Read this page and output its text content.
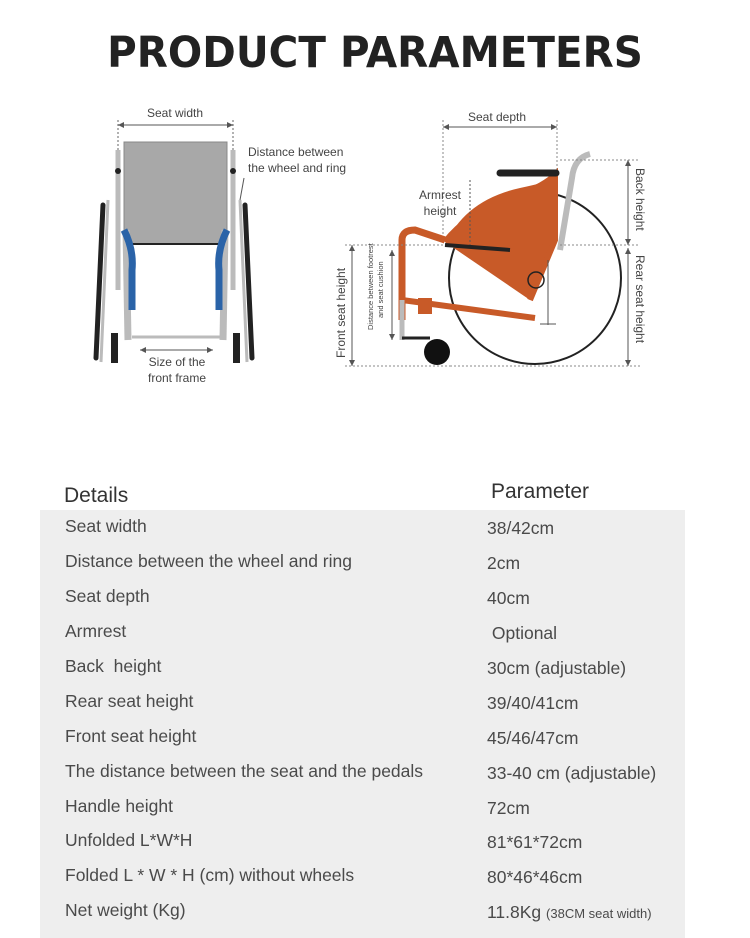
PRODUCT PARAMETERS
Seat width
Size of the
front frame
Distance between
the wheel and ring
Seat depth
Back height
Rear seat height
Front seat height Distance between footrest and seat cushion
Armrest
height
Details	Parameter
Seat width	38/42cm
Distance between the wheel and ring	2cm
Seat depth	40cm
Armrest	Optional
Back  height	30cm (adjustable)
Rear seat height	39/40/41cm
Front seat height	45/46/47cm
The distance between the seat and the pedals	33-40 cm (adjustable)
Handle height	72cm
Unfolded L*W*H	81*61*72cm
Folded L * W * H (cm) without wheels	80*46*46cm
Net weight (Kg)	11.8Kg (38CM seat width)
